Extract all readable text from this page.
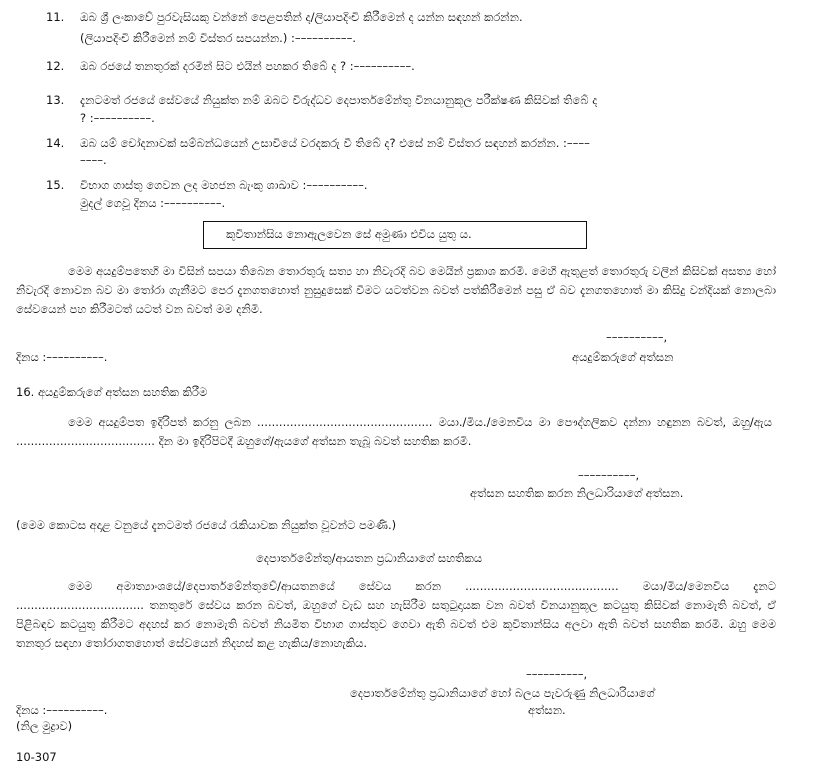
11. ඔබ ශ්‍රී ලංකාවේ පුරවැසියකු වන්නේ පෙළපතින් ද/ලියාපදිංචි කිරීමෙන් ද යන්න සඳහන් කරන්න.
(ලියාපදිංචි කිරීමෙන් නම් විස්තර සපයන්න.) :––––––––––.
12. ඔබ රජයේ තනතුරක් දරමින් සිට එයින් පහකර තිබේ ද ? :––––––––––.
13. දැනටමත් රජයේ සේවයේ නියුක්ත නම් ඔබට විරුද්ධව දෙපාර්තමේන්තු විනයානුකූල පරීක්ෂණ කිසිවක් තිබේ ද
? :––––––––––.
14. ඔබ යම් චෝදනාවක් සම්බන්ධයෙන් උසාවියේ වරදකරු වී තිබේ ද? එසේ නම් විස්තර සඳහන් කරන්න. :––––
––––.
15. විභාග ගාස්තු ගෙවන ලද මහජන බැංකු ශාඛාව :––––––––––.
මුදල් ගෙවූ දිනය :––––––––––.
කුවිතාන්සිය නොඇලවෙන සේ අමුණා එවිය යුතු ය.
මෙම අයදුම්පතෙහි මා විසින් සපයා තිබෙන තොරතුරු සත්‍ය හා නිවැරදි බව මෙයින් ප්‍රකාශ කරමි. මෙහි ඇතුළත් තොරතුරු වලින් කිසිවක් අසත්‍ය හෝ නිවැරදි නොවන බව මා තෝරා ගැනීමට පෙර දැනගතහොත් නුසුදුසෙක් වීමට යටත්වන බවත් පත්කිරීමෙන් පසු ඒ බව දැනගතහොත් මා කිසිදු වන්දියක් නොලබා සේවයෙන් පහ කිරීමටත් යටත් වන බවත් මම දනිමි.
––––––––––,
දිනය :––––––––––.	අයදුම්කරුගේ අත්සන
16. අයදුම්කරුගේ අත්සන සහතික කිරීම
මෙම අයදුම්පත ඉදිරිපත් කරනු ලබන ................................................ මයා./මිය./මෙනවිය මා පෞද්ගලිකව දන්නා හඳුනන බවත්, ඔහු/ඇය ...................................... දින මා ඉදිරිපිටදී ඔහුගේ/ඇයගේ අත්සන තැබූ බවත් සහතික කරමි.
––––––––––,
අත්සන සහතික කරන නිලධාරියාගේ අත්සන.
(මෙම කොටස අදාළ වනුයේ දැනටමත් රජයේ රැකියාවක නියුක්ත වූවන්ට පමණි.)
දෙපාර්තමේන්තු/ආයතන ප්‍රධානියාගේ සහතිකය
මෙම අමාත්‍යාංශයේ/දෙපාර්තමේන්තුවේ/ආයතනයේ සේවය කරන .......................................... මයා/මිය/මෙනවිය දැනට ................................... තනතුරේ සේවය කරන බවත්, ඔහුගේ වැඩ සහ හැසිරීම සතුටුදායක වන බවත් විනයානුකූල කටයුතු කිසිවක් නොමැති බවත්, ඒ පිළිබඳව කටයුතු කිරීමට අදහස් කර නොමැති බවත් නියමිත විභාග ගාස්තුව ගෙවා ඇති බවත් එම කුවිතාන්සිය අලවා ඇති බවත් සහතික කරමි. ඔහු මෙම තනතුර සඳහා තෝරාගතහොත් සේවයෙන් නිදහස් කළ හැකිය/නොහැකිය.
––––––––––,
දිනය :––––––––––.
දෙපාර්තමේන්තු ප්‍රධානියාගේ හෝ බලය පැවරුණු නිලධාරියාගේ
අත්සන.
(නිල මුද්‍රාව)
10-307
